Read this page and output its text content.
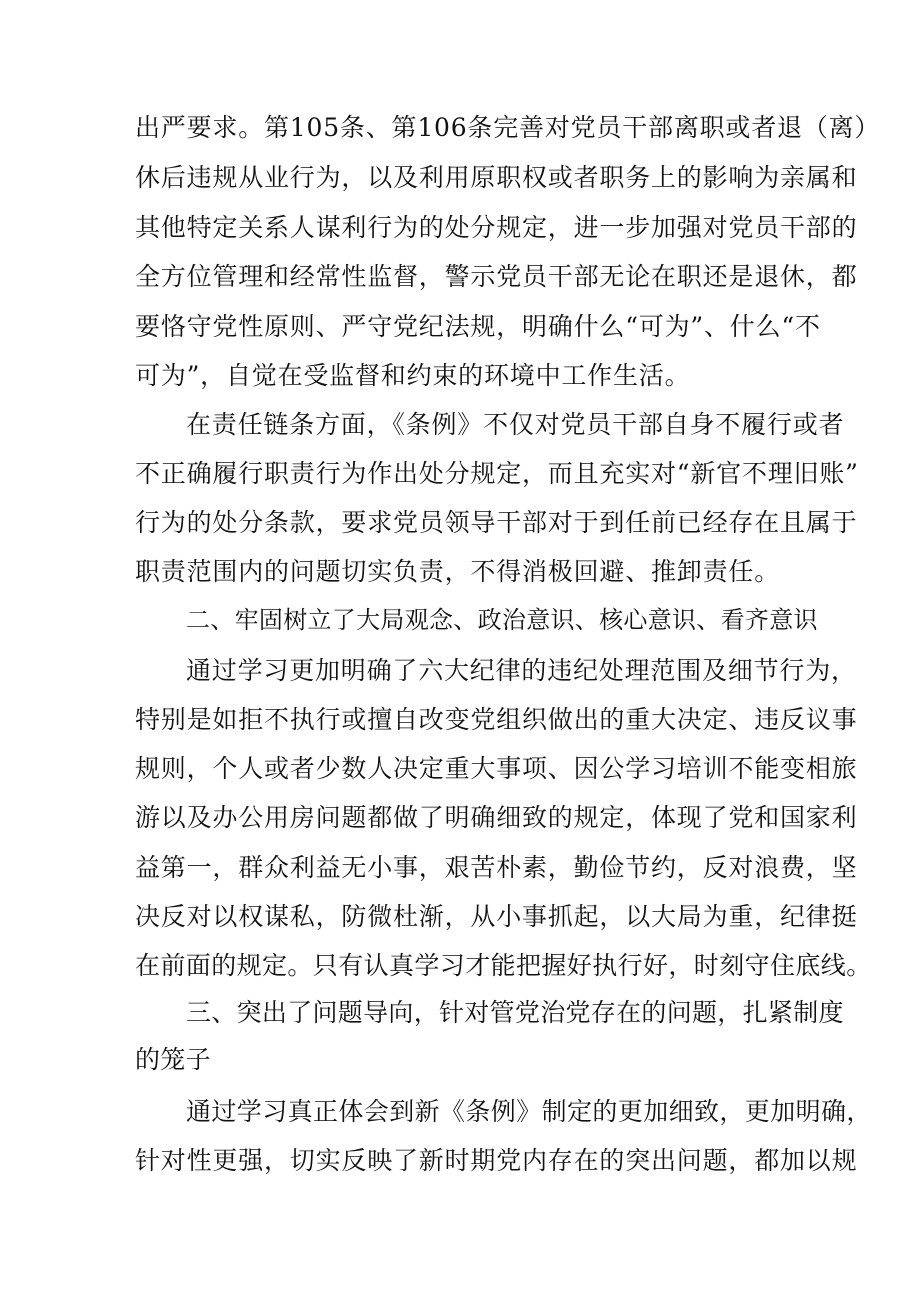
出严要求。第105条、第106条完善对党员干部离职或者退（离）
休后违规从业行为，以及利用原职权或者职务上的影响为亲属和
其他特定关系人谋利行为的处分规定，进一步加强对党员干部的
全方位管理和经常性监督，警示党员干部无论在职还是退休，都
要恪守党性原则、严守党纪法规，明确什么“可为”、什么“不
可为”，自觉在受监督和约束的环境中工作生活。
在责任链条方面，《条例》不仅对党员干部自身不履行或者
不正确履行职责行为作出处分规定，而且充实对“新官不理旧账”
行为的处分条款，要求党员领导干部对于到任前已经存在且属于
职责范围内的问题切实负责，不得消极回避、推卸责任。
二、牢固树立了大局观念、政治意识、核心意识、看齐意识
通过学习更加明确了六大纪律的违纪处理范围及细节行为，
特别是如拒不执行或擅自改变党组织做出的重大决定、违反议事
规则，个人或者少数人决定重大事项、因公学习培训不能变相旅
游以及办公用房问题都做了明确细致的规定，体现了党和国家利
益第一，群众利益无小事，艰苦朴素，勤俭节约，反对浪费，坚
决反对以权谋私，防微杜渐，从小事抓起，以大局为重，纪律挺
在前面的规定。只有认真学习才能把握好执行好，时刻守住底线。
三、突出了问题导向，针对管党治党存在的问题，扎紧制度
的笼子
通过学习真正体会到新《条例》制定的更加细致，更加明确，
针对性更强，切实反映了新时期党内存在的突出问题，都加以规
